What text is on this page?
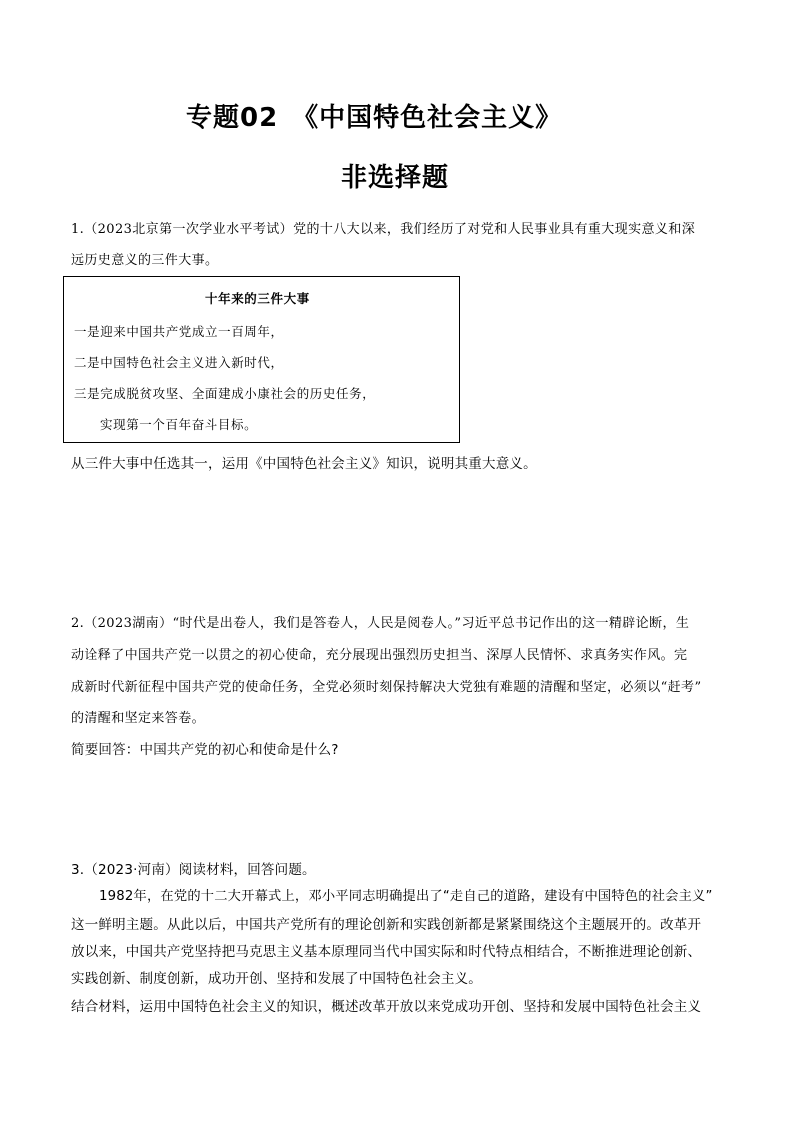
专题02　《中国特色社会主义》
非选择题
1.（2023北京第一次学业水平考试）党的十八大以来，我们经历了对党和人民事业具有重大现实意义和深
远历史意义的三件大事。
十年来的三件大事
一是迎来中国共产党成立一百周年，
二是中国特色社会主义进入新时代，
三是完成脱贫攻坚、全面建成小康社会的历史任务，
实现第一个百年奋斗目标。
从三件大事中任选其一，运用《中国特色社会主义》知识，说明其重大意义。
2.（2023湖南）“时代是出卷人，我们是答卷人，人民是阅卷人。”习近平总书记作出的这一精辟论断，生
动诠释了中国共产党一以贯之的初心使命，充分展现出强烈历史担当、深厚人民情怀、求真务实作风。完
成新时代新征程中国共产党的使命任务，全党必须时刻保持解决大党独有难题的清醒和坚定，必须以“赶考”
的清醒和坚定来答卷。
简要回答：中国共产党的初心和使命是什么?
3.（2023·河南）阅读材料，回答问题。
1982年，在党的十二大开幕式上，邓小平同志明确提出了“走自己的道路，建设有中国特色的社会主义”
这一鲜明主题。从此以后，中国共产党所有的理论创新和实践创新都是紧紧围绕这个主题展开的。改革开
放以来，中国共产党坚持把马克思主义基本原理同当代中国实际和时代特点相结合，不断推进理论创新、
实践创新、制度创新，成功开创、坚持和发展了中国特色社会主义。
结合材料，运用中国特色社会主义的知识，概述改革开放以来党成功开创、坚持和发展中国特色社会主义
